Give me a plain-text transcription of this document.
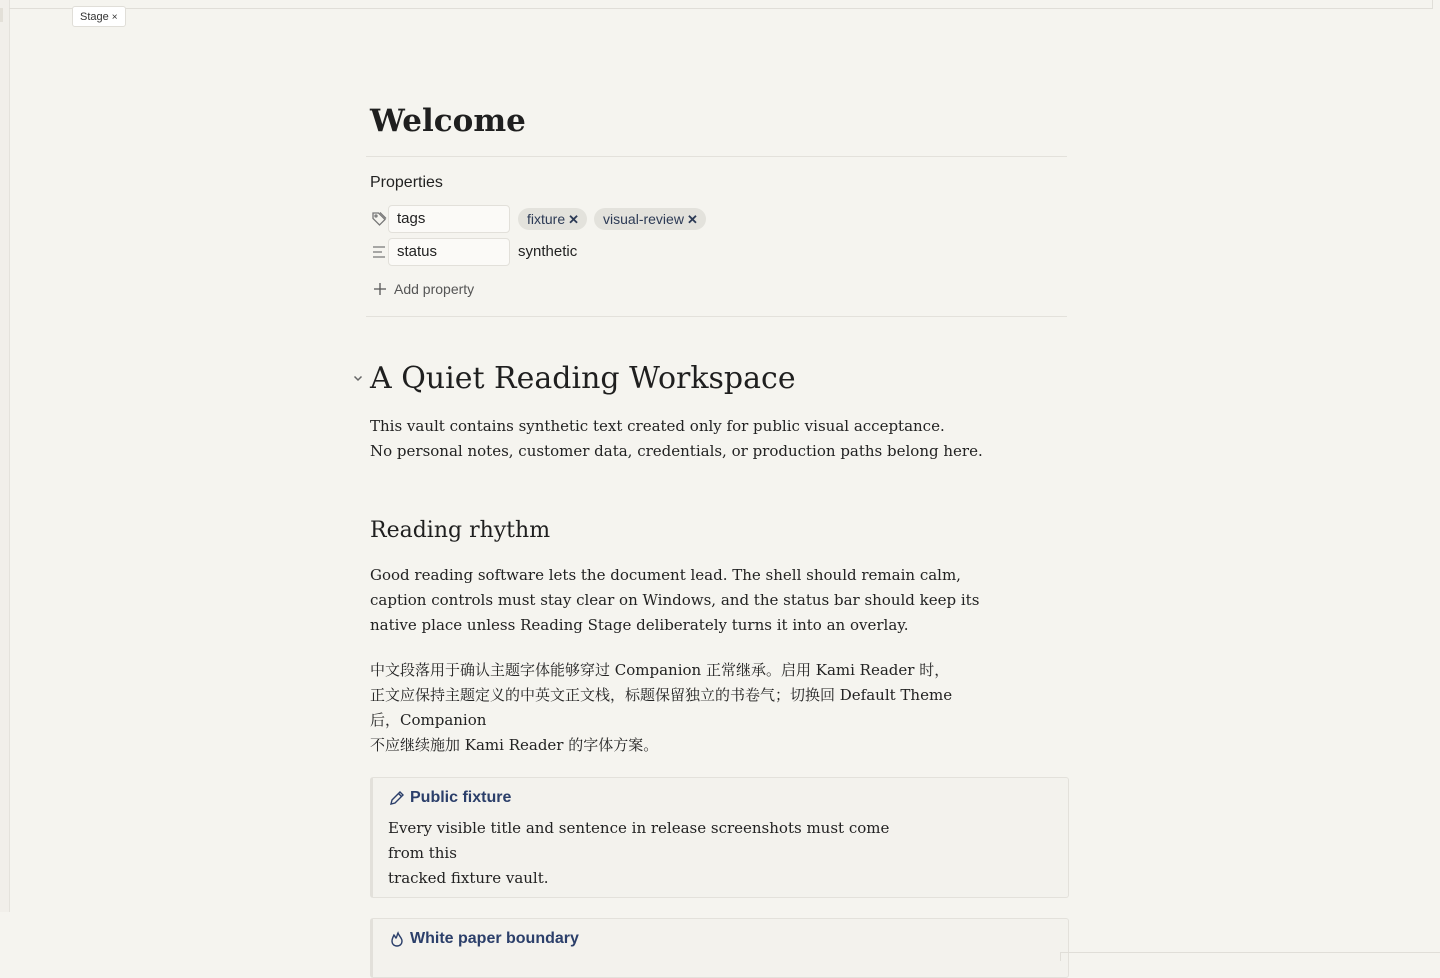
Stage ×
Welcome
Properties
tags	fixture ✕	visual-review ✕
status	synthetic
Add property
A Quiet Reading Workspace

This vault contains synthetic text created only for public visual acceptance.
No personal notes, customer data, credentials, or production paths belong here.

Reading rhythm

Good reading software lets the document lead. The shell should remain calm,
caption controls must stay clear on Windows, and the status bar should keep its
native place unless Reading Stage deliberately turns it into an overlay.

中文段落用于确认主题字体能够穿过 Companion 正常继承。启用 Kami Reader 时，
正文应保持主题定义的中英文正文栈，标题保留独立的书卷气；切换回 Default Theme
后，Companion
不应继续施加 Kami Reader 的字体方案。

Public fixture

Every visible title and sentence in release screenshots must come from this
tracked fixture vault.

White paper boundary
